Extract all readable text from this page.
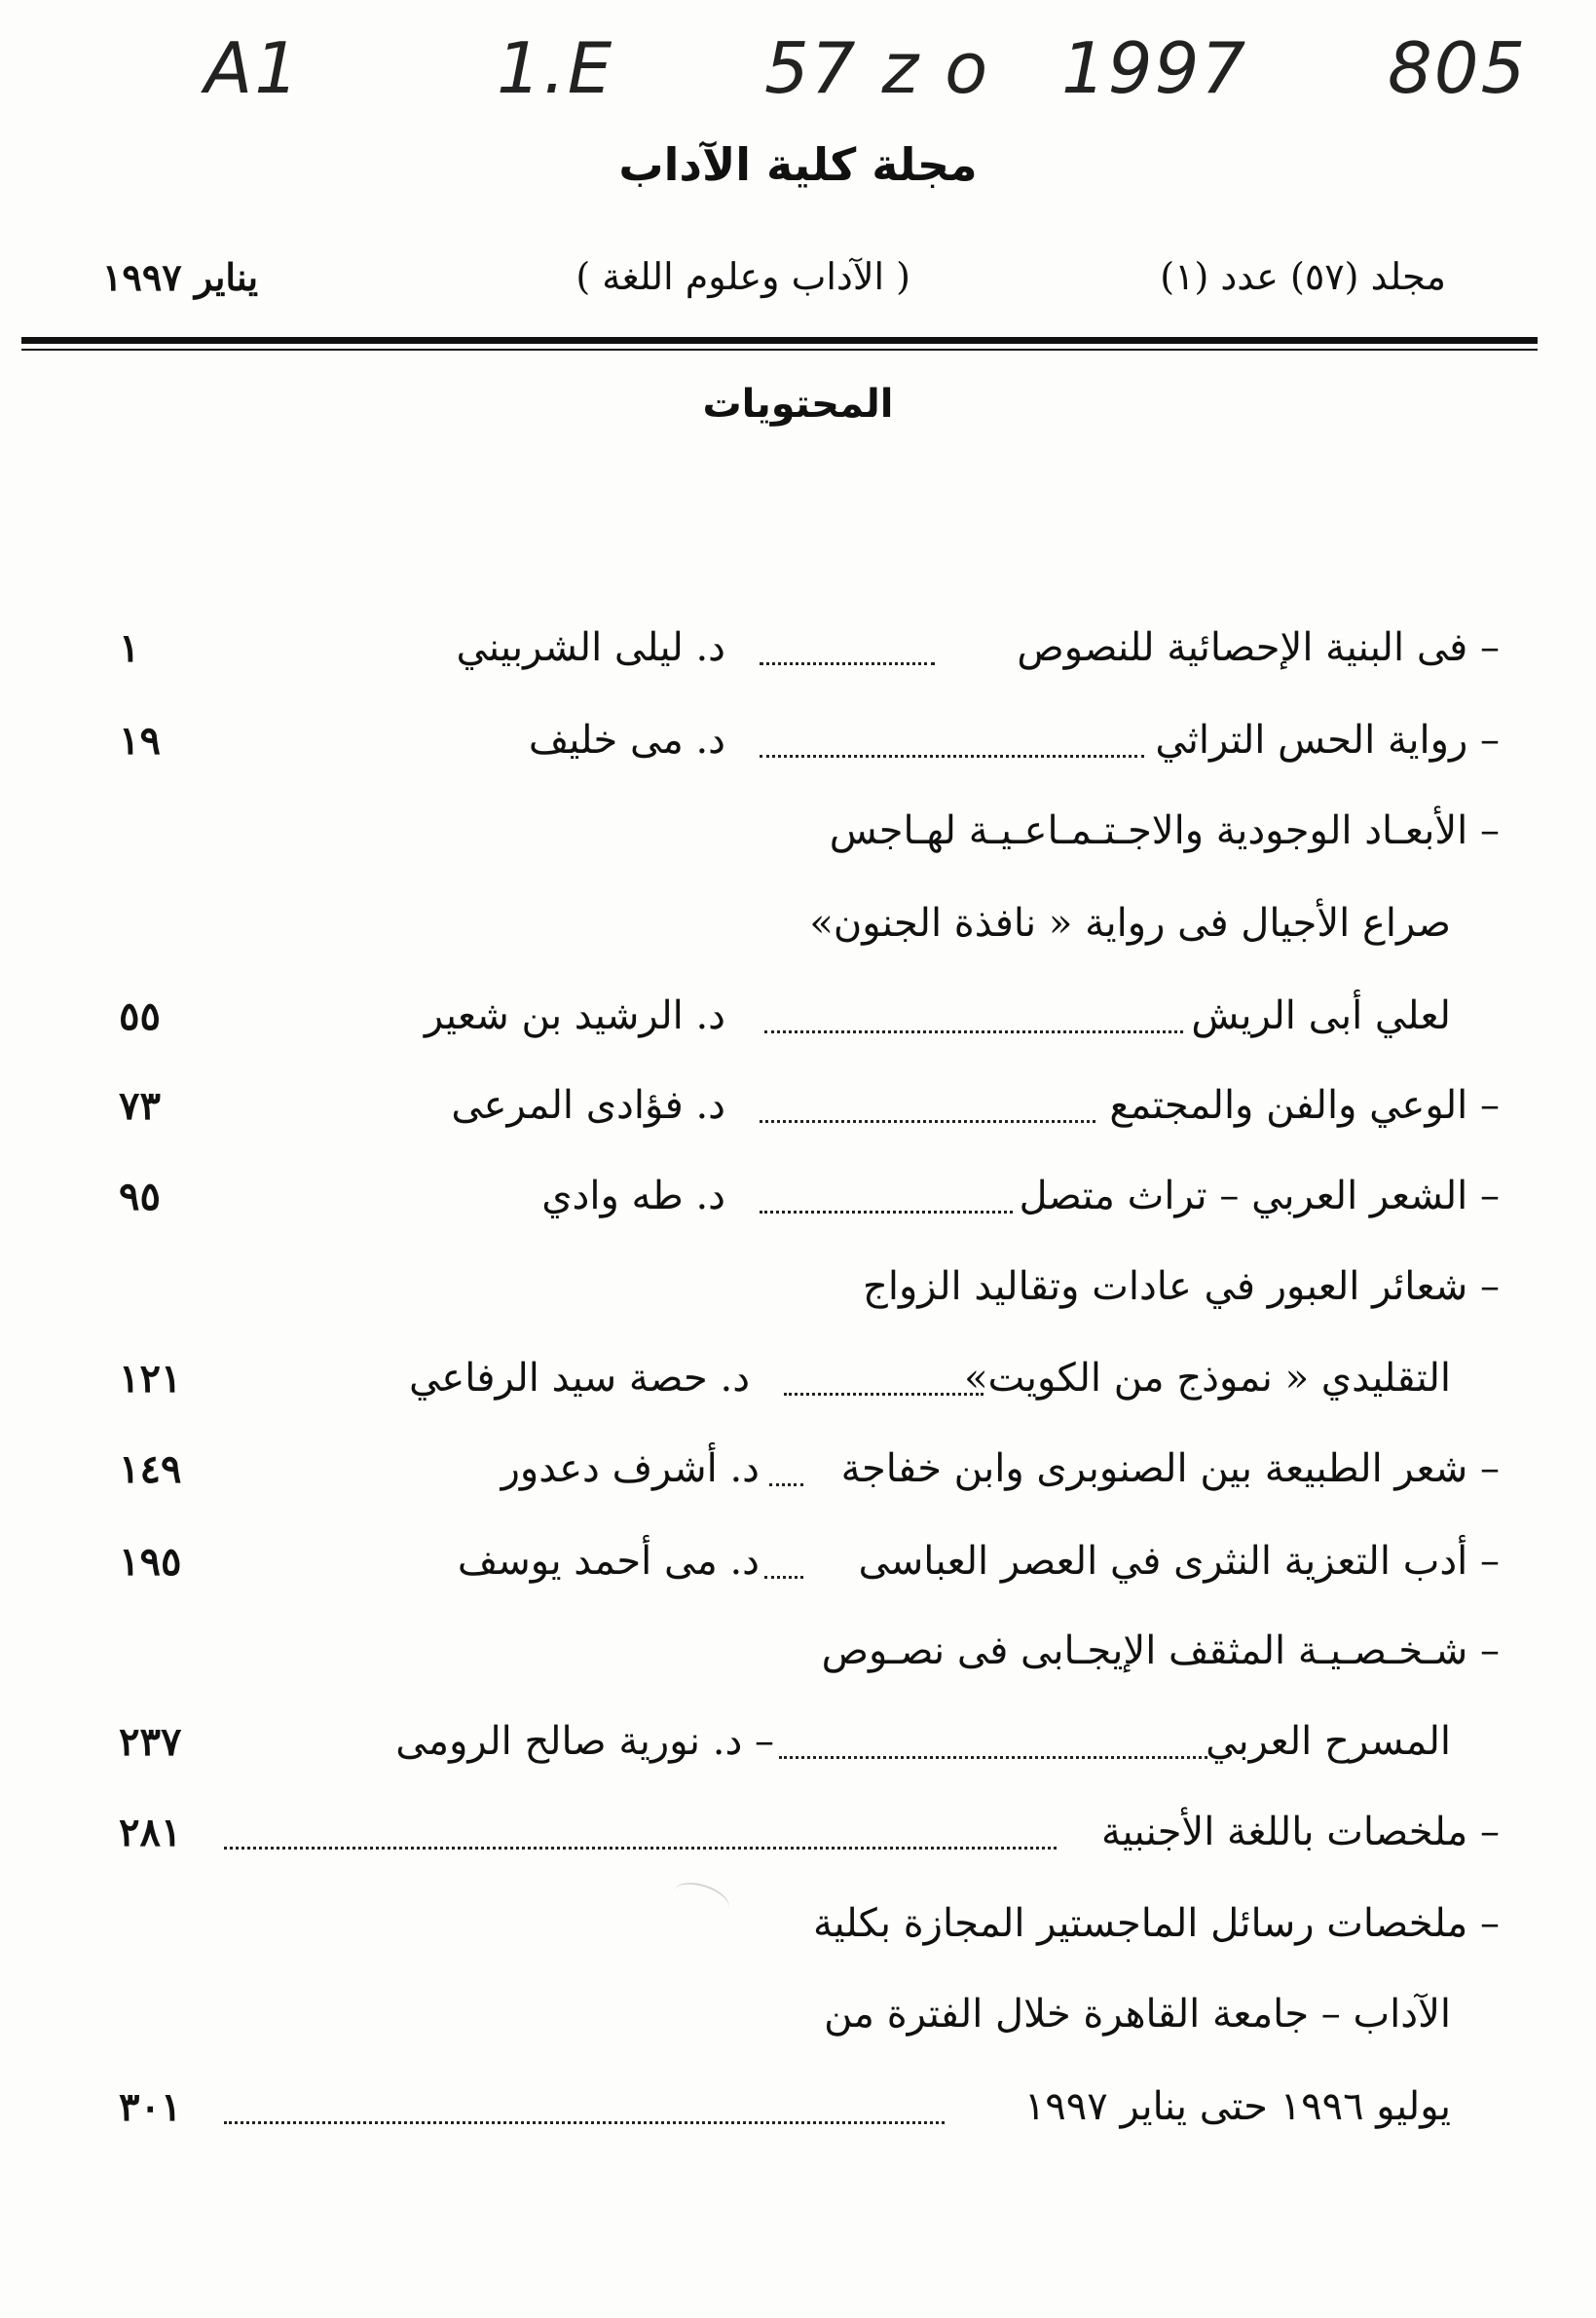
A1	1.E 57 z o 1997 805
مجلة كلية الآداب
مجلد (٥٧) عدد (١)
( الآداب وعلوم اللغة )
يناير ١٩٩٧
المحتويات
– فى البنية الإحصائية للنصوص
د. ليلى الشربيني
١
– رواية الحس التراثي
د. مى خليف
١٩
– الأبعـاد الوجودية والاجـتـمـاعـيـة لهـاجس
صراع الأجيال فى رواية « نافذة الجنون»
لعلي أبى الريش
د. الرشيد بن شعير
٥٥
– الوعي والفن والمجتمع
د. فؤادى المرعى
٧٣
– الشعر العربي – تراث متصل
د. طه وادي
٩٥
– شعائر العبور في عادات وتقاليد الزواج
التقليدي « نموذج من الكويت»
د. حصة سيد الرفاعي
١٢١
– شعر الطبيعة بين الصنوبرى وابن خفاجة
د. أشرف دعدور
١٤٩
– أدب التعزية النثرى في العصر العباسى
د. مى أحمد يوسف
١٩٥
– شـخـصـيـة المثقف الإيجـابى فى نصـوص
المسرح العربي
– د. نورية صالح الرومى
٢٣٧
– ملخصات باللغة الأجنبية
٢٨١
– ملخصات رسائل الماجستير المجازة بكلية
الآداب – جامعة القاهرة خلال الفترة من
يوليو ١٩٩٦ حتى يناير ١٩٩٧
٣٠١
